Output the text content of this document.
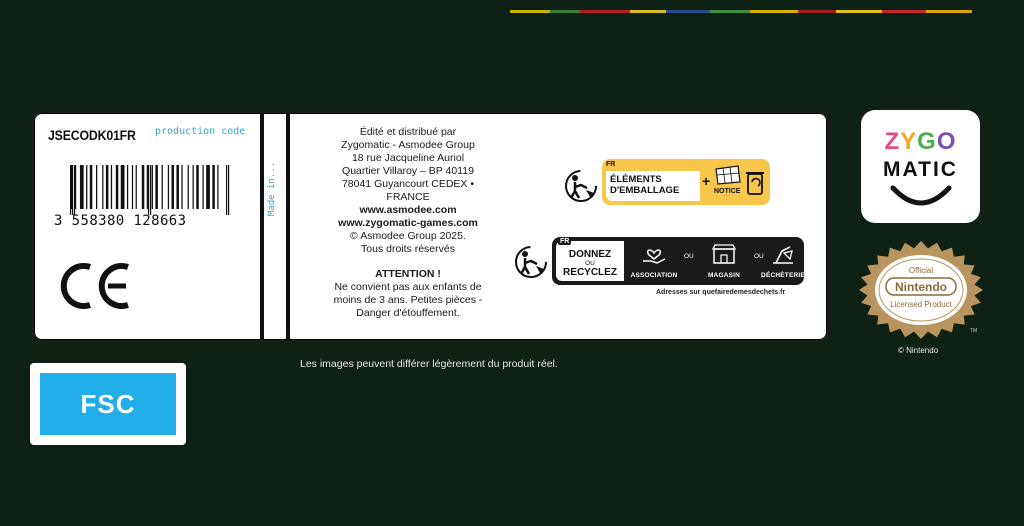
JSECODK01FR production code
3 558380 128663
Made in...
Édité et distribué par
Zygomatic - Asmodee Group
18 rue Jacqueline Auriol
Quartier Villaroy – BP 40119
78041 Guyancourt CEDEX • FRANCE
www.asmodee.com
www.zygomatic-games.com
© Asmodee Group 2025.
Tous droits réservés
ATTENTION !
Ne convient pas aux enfants de
moins de 3 ans. Petites pièces -
Danger d'étouffement.
FR
ÉLÉMENTS
D'EMBALLAGE
+
NOTICE
DONNEZ
OU
RECYCLEZ
FR
ASSOCIATION
OU
MAGASIN
OU
DÉCHÈTERIE
Adresses sur quefairedemesdechets.fr
Les images peuvent différer légèrement du produit réel.
FSC
ZYGO
MATIC
Official
Nintendo
Licensed Product
TM
© Nintendo
